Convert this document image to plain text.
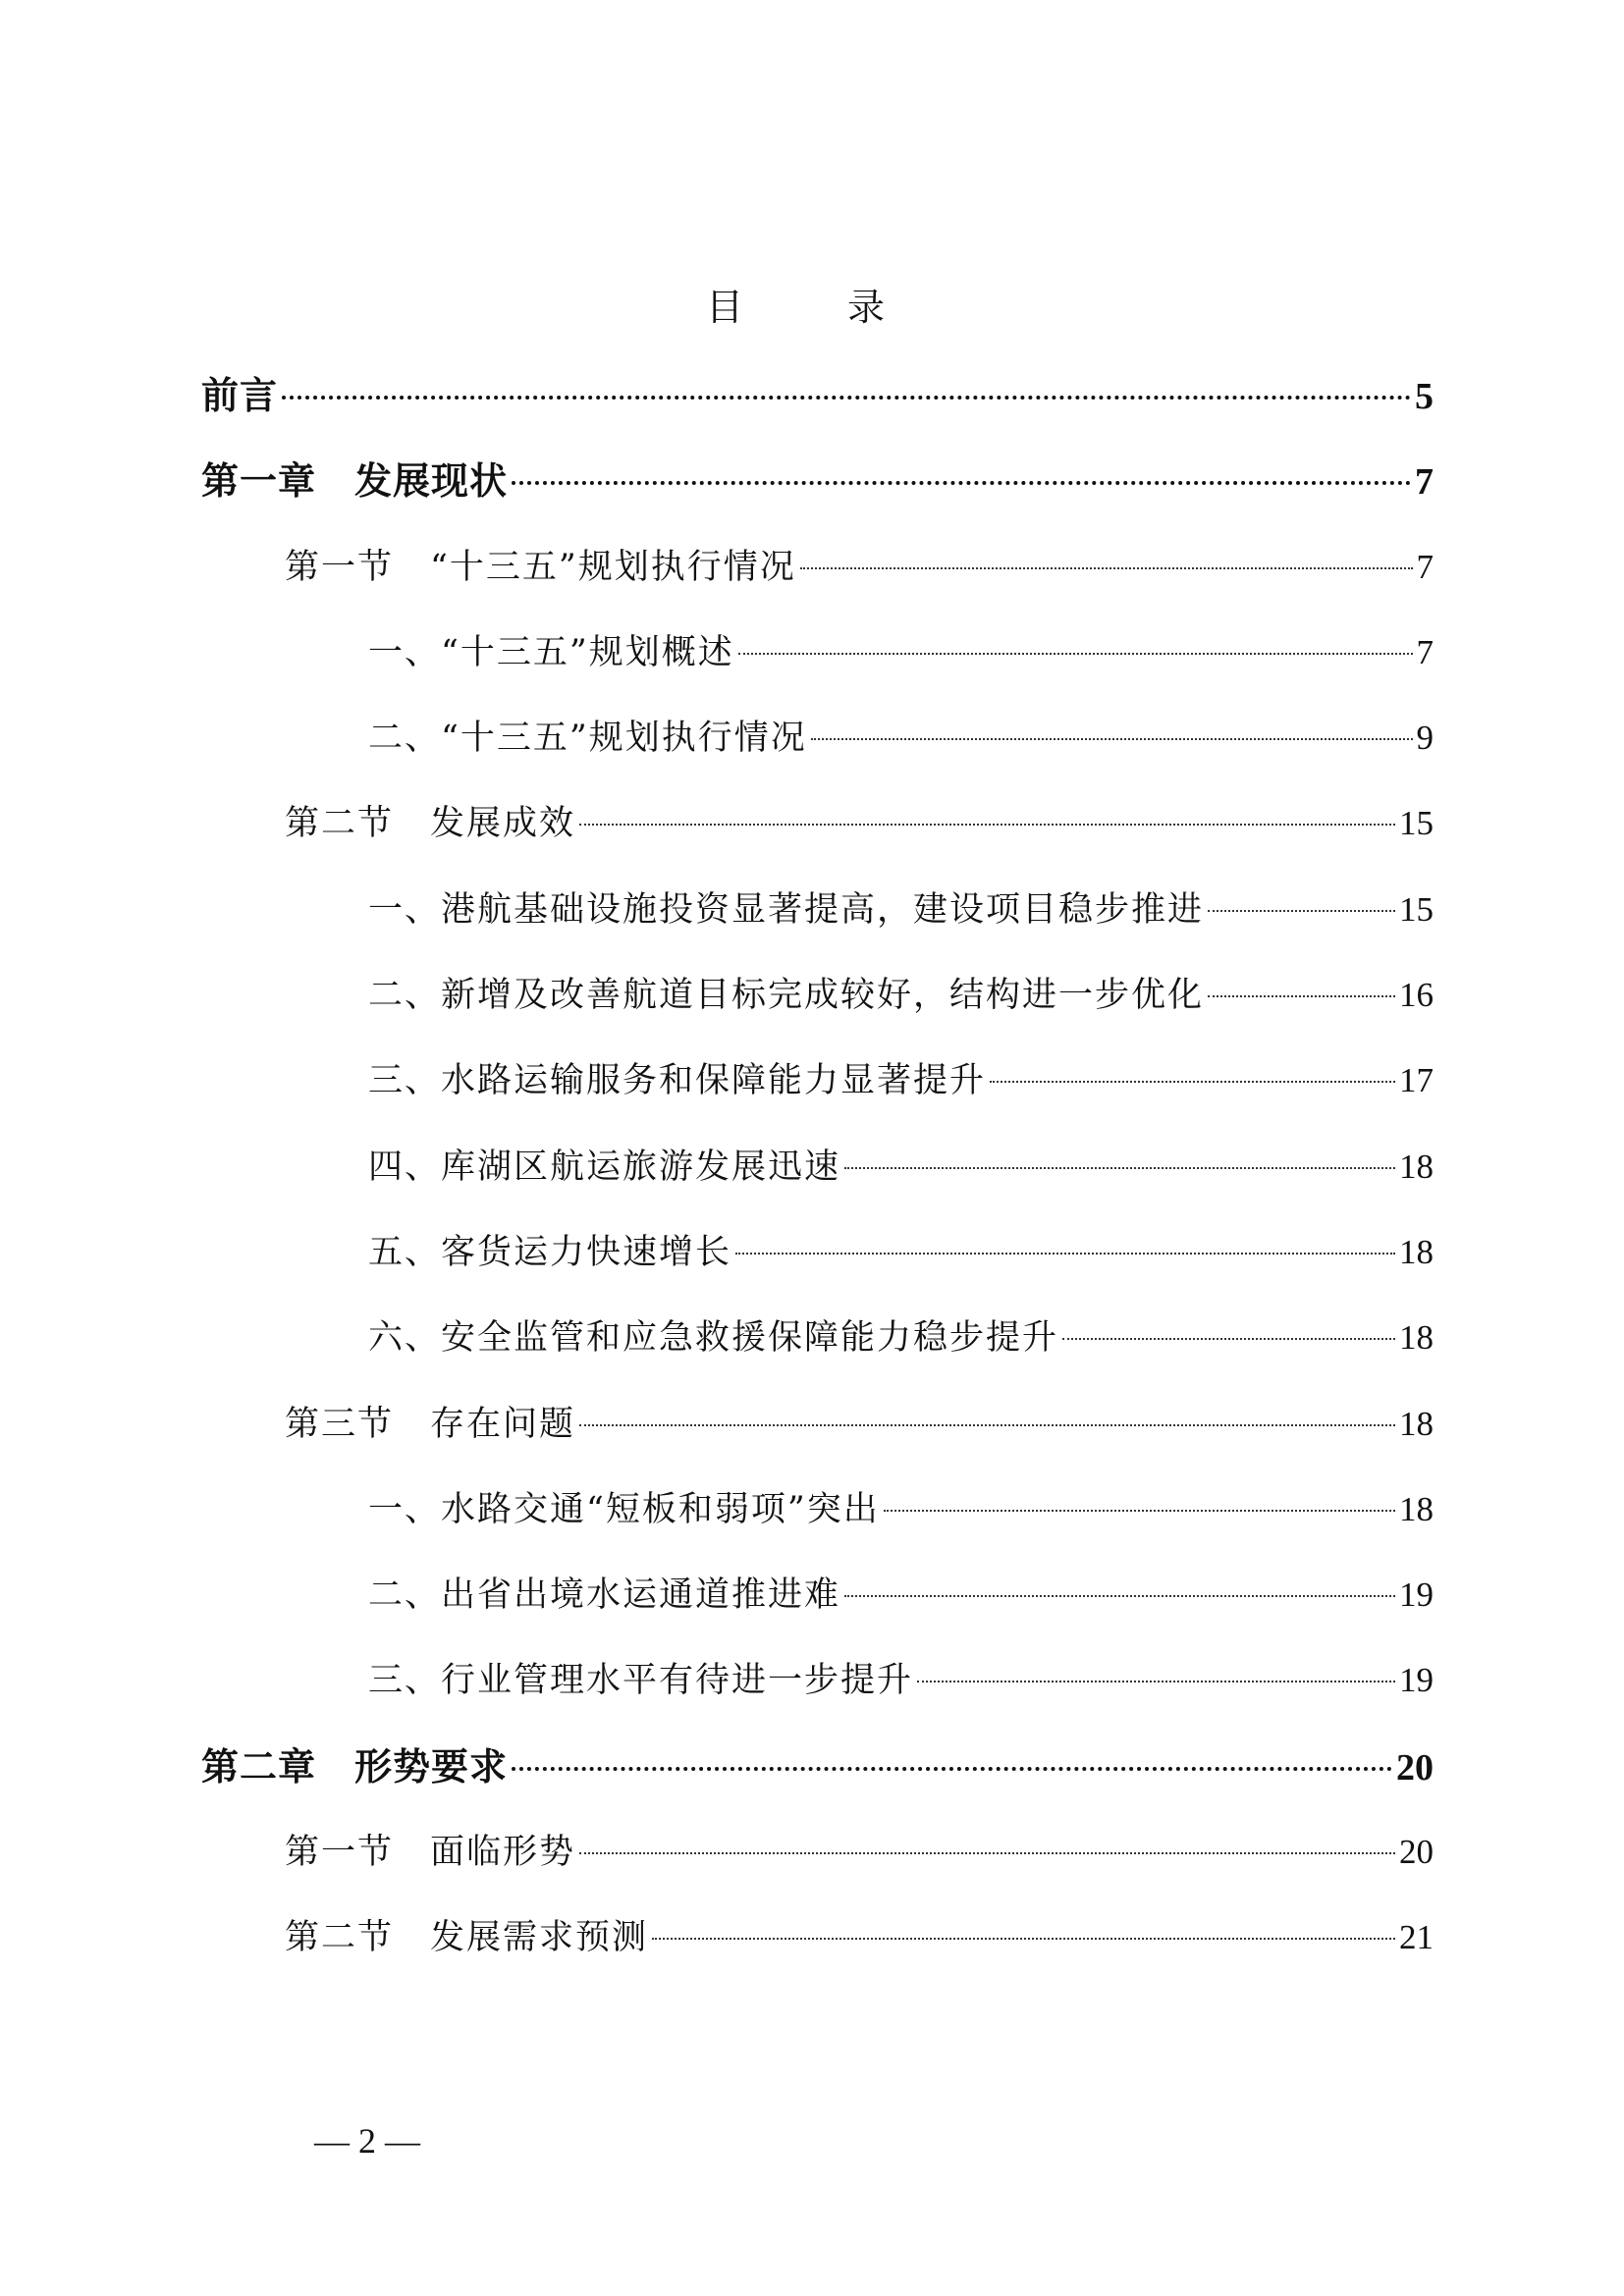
目　录
前言	5
第一章　发展现状	7
第一节　“十三五”规划执行情况	7
一、“十三五”规划概述	7
二、“十三五”规划执行情况	9
第二节　发展成效	15
一、港航基础设施投资显著提高，建设项目稳步推进	15
二、新增及改善航道目标完成较好，结构进一步优化	16
三、水路运输服务和保障能力显著提升	17
四、库湖区航运旅游发展迅速	18
五、客货运力快速增长	18
六、安全监管和应急救援保障能力稳步提升	18
第三节　存在问题	18
一、水路交通“短板和弱项”突出	18
二、出省出境水运通道推进难	19
三、行业管理水平有待进一步提升	19
第二章　形势要求	20
第一节　面临形势	20
第二节　发展需求预测	21
— 2 —
